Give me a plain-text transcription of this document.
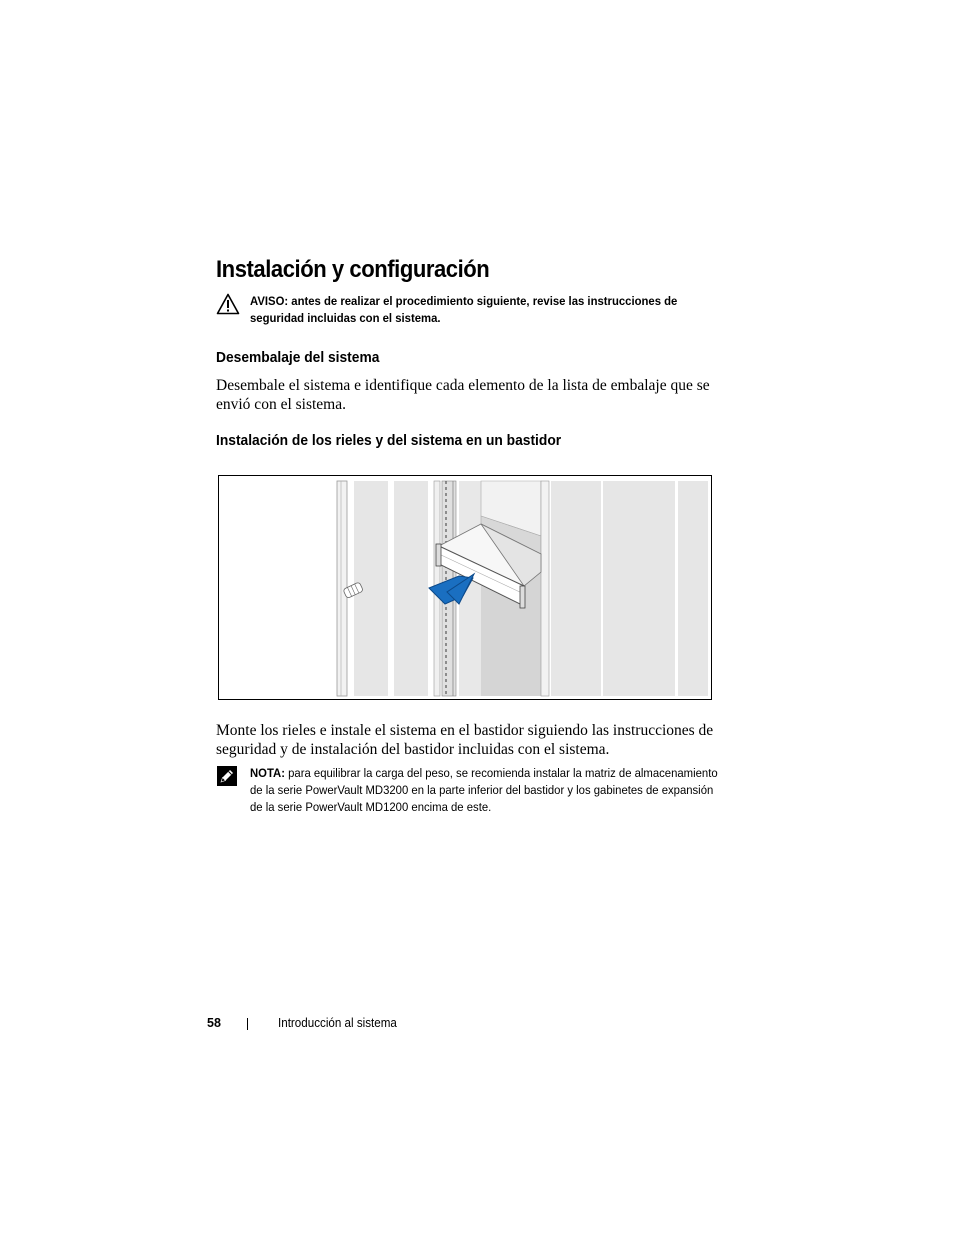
Instalación y configuración
AVISO: antes de realizar el procedimiento siguiente, revise las instrucciones de seguridad incluidas con el sistema.
Desembalaje del sistema
Desembale el sistema e identifique cada elemento de la lista de embalaje que se envió con el sistema.
Instalación de los rieles y del sistema en un bastidor
Monte los rieles e instale el sistema en el bastidor siguiendo las instrucciones de seguridad y de instalación del bastidor incluidas con el sistema.
NOTA: para equilibrar la carga del peso, se recomienda instalar la matriz de almacenamiento de la serie PowerVault MD3200 en la parte inferior del bastidor y los gabinetes de expansión de la serie PowerVault MD1200 encima de este.
58	Introducción al sistema
